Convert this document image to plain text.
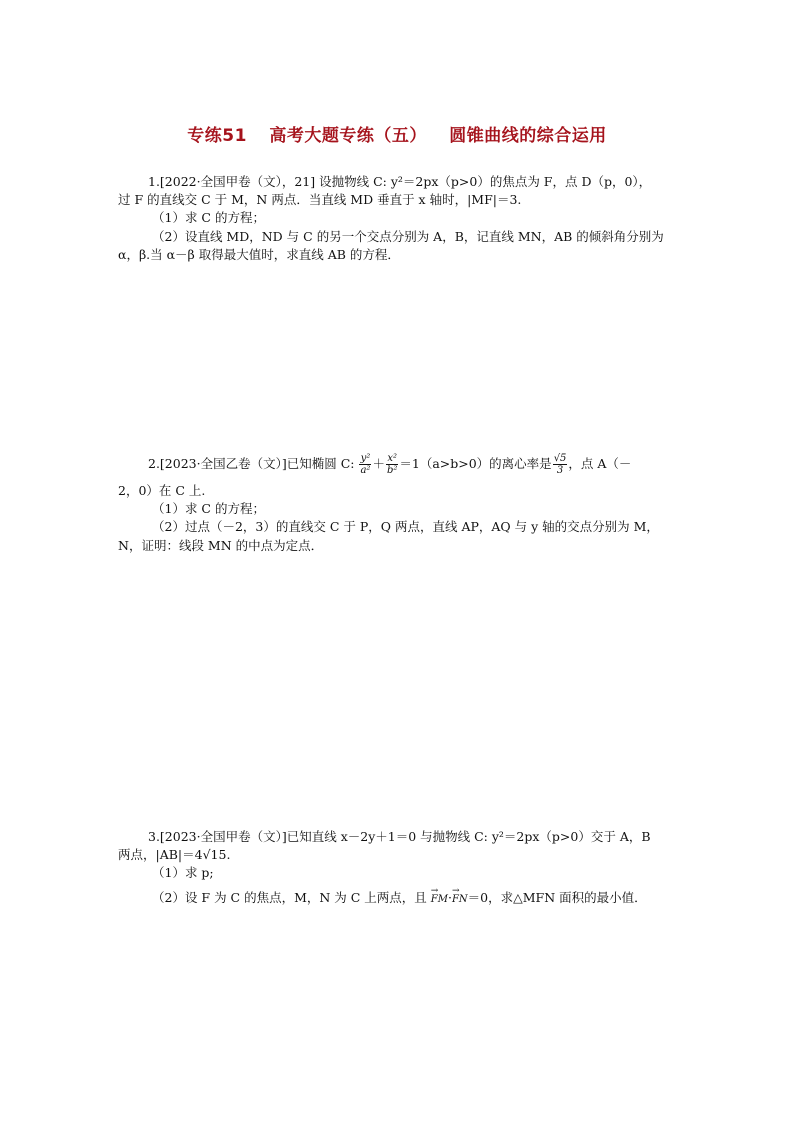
专练51 高考大题专练（五） 圆锥曲线的综合运用
1.[2022·全国甲卷（文），21] 设抛物线 C: y²＝2px（p>0）的焦点为 F，点 D（p，0），
过 F 的直线交 C 于 M，N 两点．当直线 MD 垂直于 x 轴时，|MF|＝3.
（1）求 C 的方程；
（2）设直线 MD，ND 与 C 的另一个交点分别为 A，B，记直线 MN，AB 的倾斜角分别为
α，β.当 α－β 取得最大值时，求直线 AB 的方程．
2.[2023·全国乙卷（文）]已知椭圆 C: $\frac{\text{y²}}{\text{a²}} + \frac{\text{x²}}{\text{b²}} =1(a>b>0)$的离心率是 $\frac{√5}{3}$ ，点 A（－
2，0）在 C 上.
（1）求 C 的方程；
（2）过点（－2，3）的直线交 C 于 P，Q 两点，直线 AP，AQ 与 y 轴的交点分别为 M，
N，证明：线段 MN 的中点为定点．
3.[2023·全国甲卷（文）]已知直线 x－2y＋1＝0 与抛物线 C: y²＝2px（p>0）交于 A，B
两点，|AB|＝4√15.
（1）求 p;
（2）设 F 为 C 的焦点，M，N 为 C 上两点，且 → FM·→ FN＝0，求△MFN 面积的最小值．
